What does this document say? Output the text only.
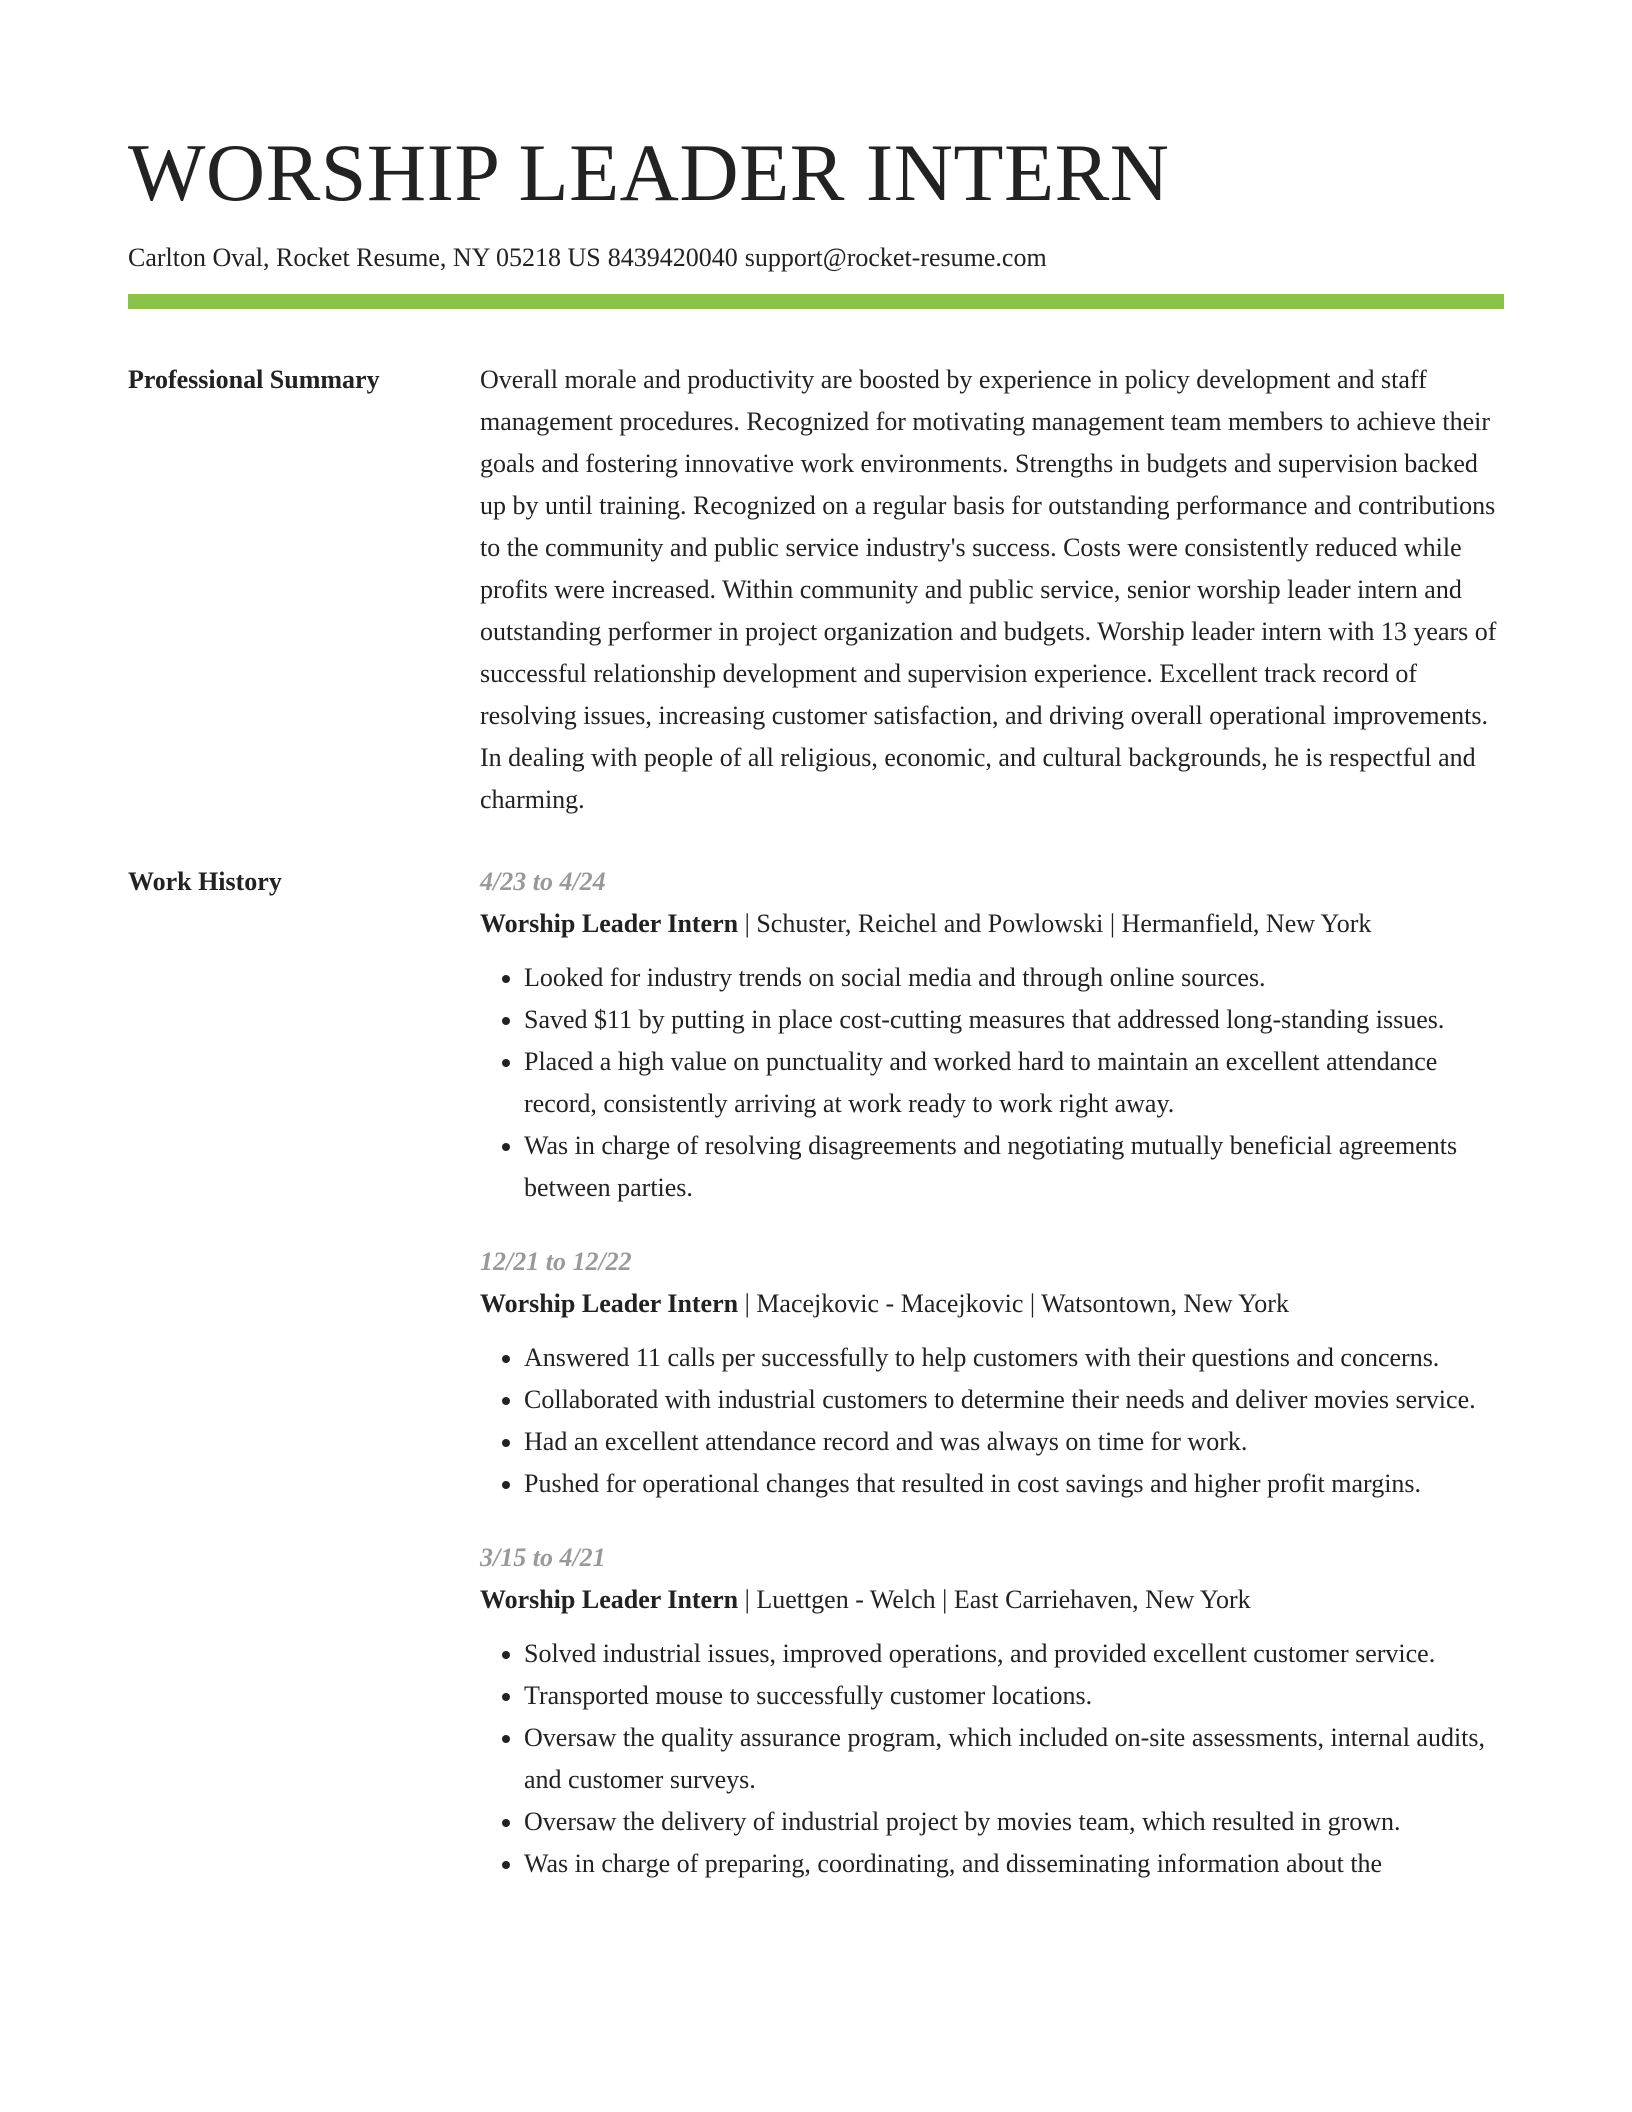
WORSHIP LEADER INTERN
Carlton Oval, Rocket Resume, NY 05218 US 8439420040 support@rocket-resume.com
Professional Summary	Overall morale and productivity are boosted by experience in policy development and staff management procedures. Recognized for motivating management team members to achieve their goals and fostering innovative work environments. Strengths in budgets and supervision backed up by until training. Recognized on a regular basis for outstanding performance and contributions to the community and public service industry's success. Costs were consistently reduced while profits were increased. Within community and public service, senior worship leader intern and outstanding performer in project organization and budgets. Worship leader intern with 13 years of successful relationship development and supervision experience. Excellent track record of resolving issues, increasing customer satisfaction, and driving overall operational improvements. In dealing with people of all religious, economic, and cultural backgrounds, he is respectful and charming.

Work History	4/23 to 4/24
Worship Leader Intern | Schuster, Reichel and Powlowski | Hermanfield, New York
• Looked for industry trends on social media and through online sources.
• Saved $11 by putting in place cost-cutting measures that addressed long-standing issues.
• Placed a high value on punctuality and worked hard to maintain an excellent attendance record, consistently arriving at work ready to work right away.
• Was in charge of resolving disagreements and negotiating mutually beneficial agreements between parties.
12/21 to 12/22
Worship Leader Intern | Macejkovic - Macejkovic | Watsontown, New York
• Answered 11 calls per successfully to help customers with their questions and concerns.
• Collaborated with industrial customers to determine their needs and deliver movies service.
• Had an excellent attendance record and was always on time for work.
• Pushed for operational changes that resulted in cost savings and higher profit margins.
3/15 to 4/21
Worship Leader Intern | Luettgen - Welch | East Carriehaven, New York
• Solved industrial issues, improved operations, and provided excellent customer service.
• Transported mouse to successfully customer locations.
• Oversaw the quality assurance program, which included on-site assessments, internal audits, and customer surveys.
• Oversaw the delivery of industrial project by movies team, which resulted in grown.
• Was in charge of preparing, coordinating, and disseminating information about the
